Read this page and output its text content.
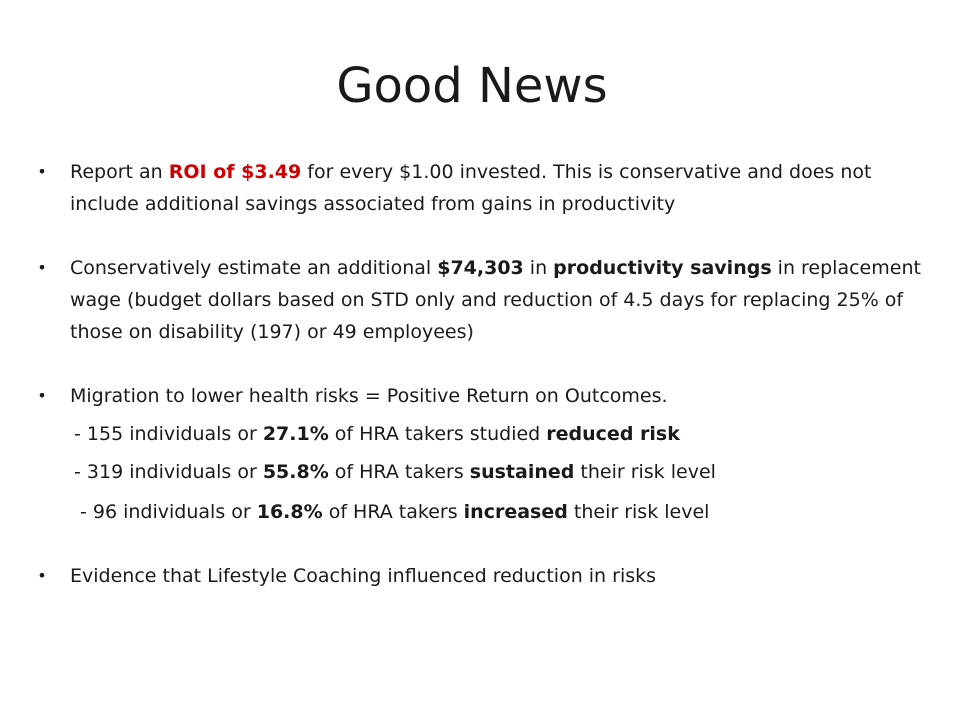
Good News

• Report an ROI of $3.49 for every $1.00 invested. This is conservative and does not include additional savings associated from gains in productivity

• Conservatively estimate an additional $74,303 in productivity savings in replacement wage (budget dollars based on STD only and reduction of 4.5 days for replacing 25% of those on disability (197) or 49 employees)

• Migration to lower health risks = Positive Return on Outcomes.

- 155 individuals or 27.1% of HRA takers studied reduced risk

- 319 individuals or 55.8% of HRA takers sustained their risk level

- 96 individuals or 16.8% of HRA takers increased their risk level

• Evidence that Lifestyle Coaching influenced reduction in risks
